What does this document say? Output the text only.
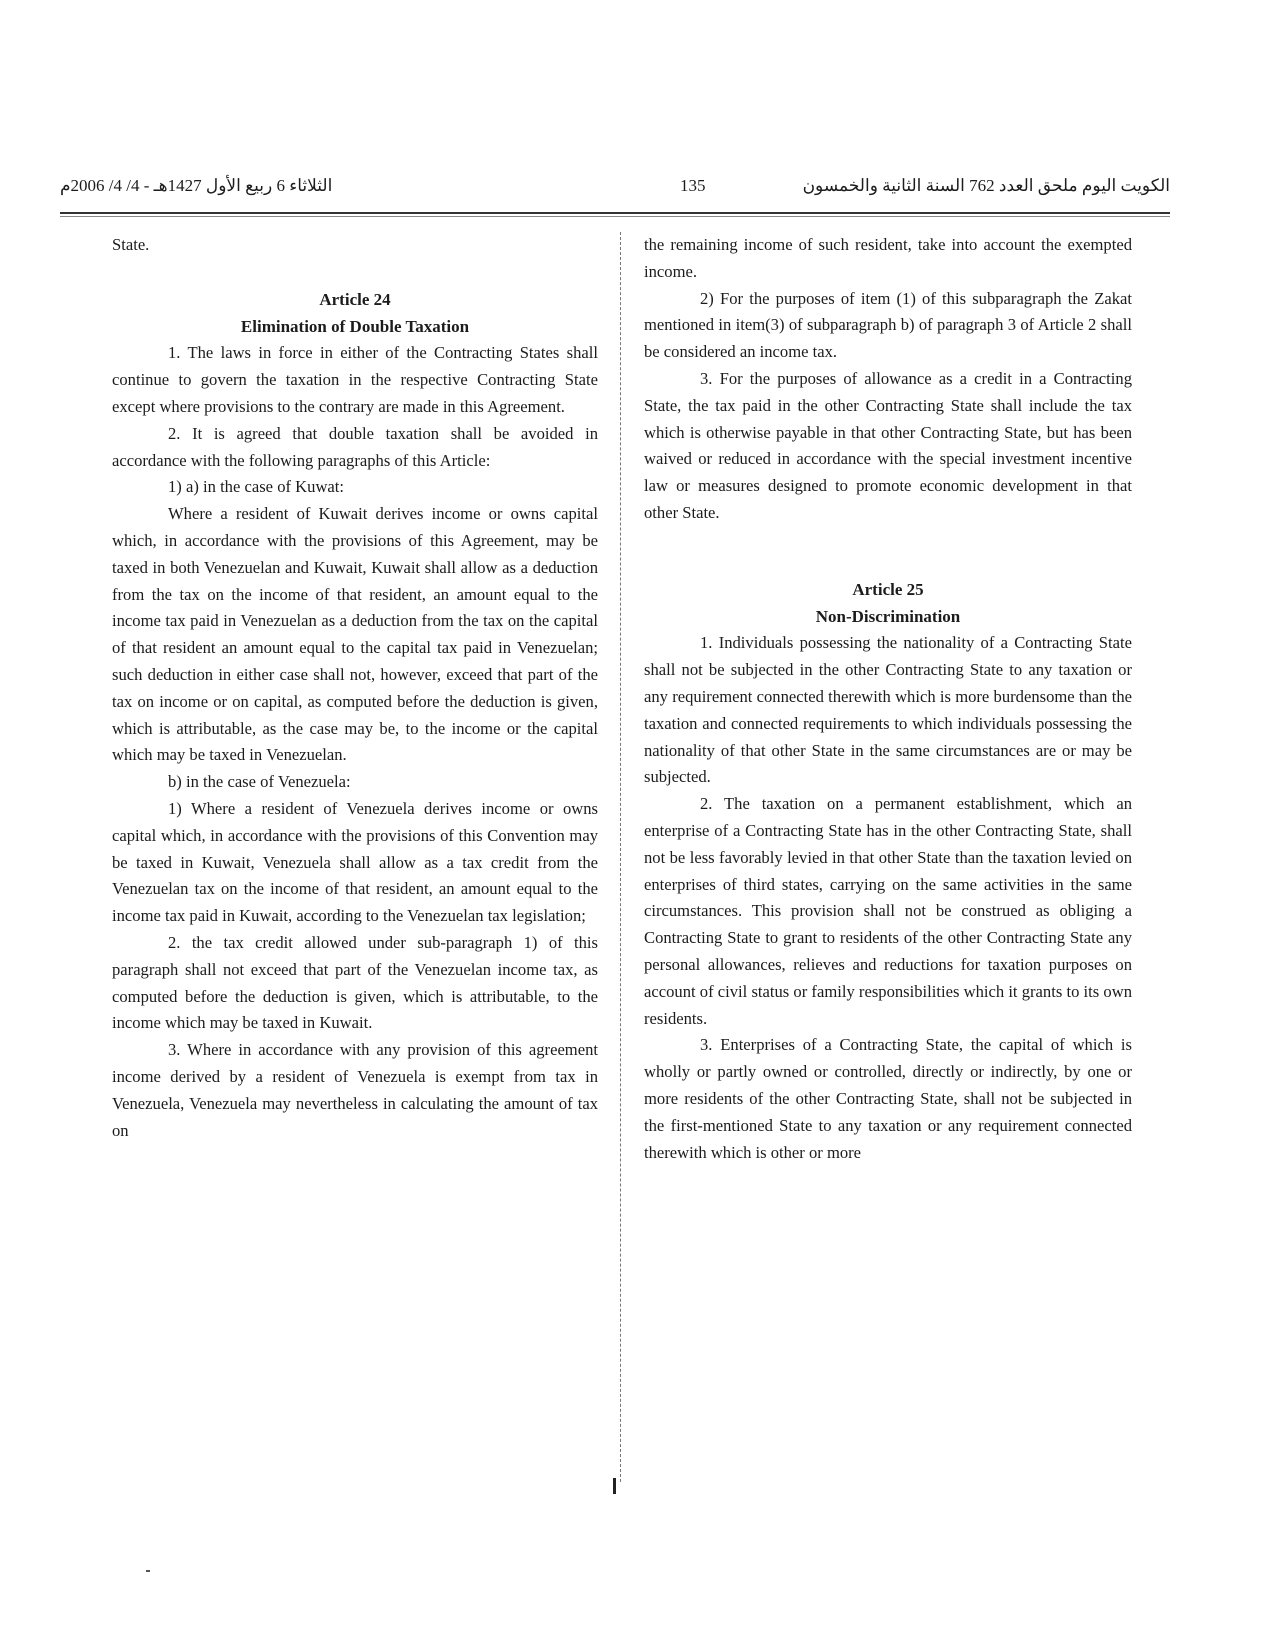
الثلاثاء 6 ربيع الأول 1427هـ - 4/ 4/ 2006م	135	الكويت اليوم ملحق العدد 762 السنة الثانية والخمسون

State.

Article 24

Elimination of Double Taxation

1. The laws in force in either of the Contracting States shall continue to govern the taxation in the respective Contracting State except where provisions to the contrary are made in this Agreement.

2. It is agreed that double taxation shall be avoided in accordance with the following paragraphs of this Article:

1) a) in the case of Kuwat:

Where a resident of Kuwait derives income or owns capital which, in accordance with the provisions of this Agreement, may be taxed in both Venezuelan and Kuwait, Kuwait shall allow as a deduction from the tax on the income of that resident, an amount equal to the income tax paid in Venezuelan as a deduction from the tax on the capital of that resident an amount equal to the capital tax paid in Venezuelan; such deduction in either case shall not, however, exceed that part of the tax on income or on capital, as computed before the deduction is given, which is attributable, as the case may be, to the income or the capital which may be taxed in Venezuelan.

b) in the case of Venezuela:

1) Where a resident of Venezuela derives income or owns capital which, in accordance with the provisions of this Convention may be taxed in Kuwait, Venezuela shall allow as a tax credit from the Venezuelan tax on the income of that resident, an amount equal to the income tax paid in Kuwait, according to the Venezuelan tax legislation;

2. the tax credit allowed under sub-paragraph 1) of this paragraph shall not exceed that part of the Venezuelan income tax, as computed before the deduction is given, which is attributable, to the income which may be taxed in Kuwait.

3. Where in accordance with any provision of this agreement income derived by a resident of Venezuela is exempt from tax in Venezuela, Venezuela may nevertheless in calculating the amount of tax on

the remaining income of such resident, take into account the exempted income.

2) For the purposes of item (1) of this subparagraph the Zakat mentioned in item(3) of subparagraph b) of paragraph 3 of Article 2 shall be considered an income tax.

3. For the purposes of allowance as a credit in a Contracting State, the tax paid in the other Contracting State shall include the tax which is otherwise payable in that other Contracting State, but has been waived or reduced in accordance with the special investment incentive law or measures designed to promote economic development in that other State.

Article 25

Non-Discrimination

1. Individuals possessing the nationality of a Contracting State shall not be subjected in the other Contracting State to any taxation or any requirement connected therewith which is more burdensome than the taxation and connected requirements to which individuals possessing the nationality of that other State in the same circumstances are or may be subjected.

2. The taxation on a permanent establishment, which an enterprise of a Contracting State has in the other Contracting State, shall not be less favorably levied in that other State than the taxation levied on enterprises of third states, carrying on the same activities in the same circumstances. This provision shall not be construed as obliging a Contracting State to grant to residents of the other Contracting State any personal allowances, relieves and reductions for taxation purposes on account of civil status or family responsibilities which it grants to its own residents.

3. Enterprises of a Contracting State, the capital of which is wholly or partly owned or controlled, directly or indirectly, by one or more residents of the other Contracting State, shall not be subjected in the first-mentioned State to any taxation or any requirement connected therewith which is other or more
